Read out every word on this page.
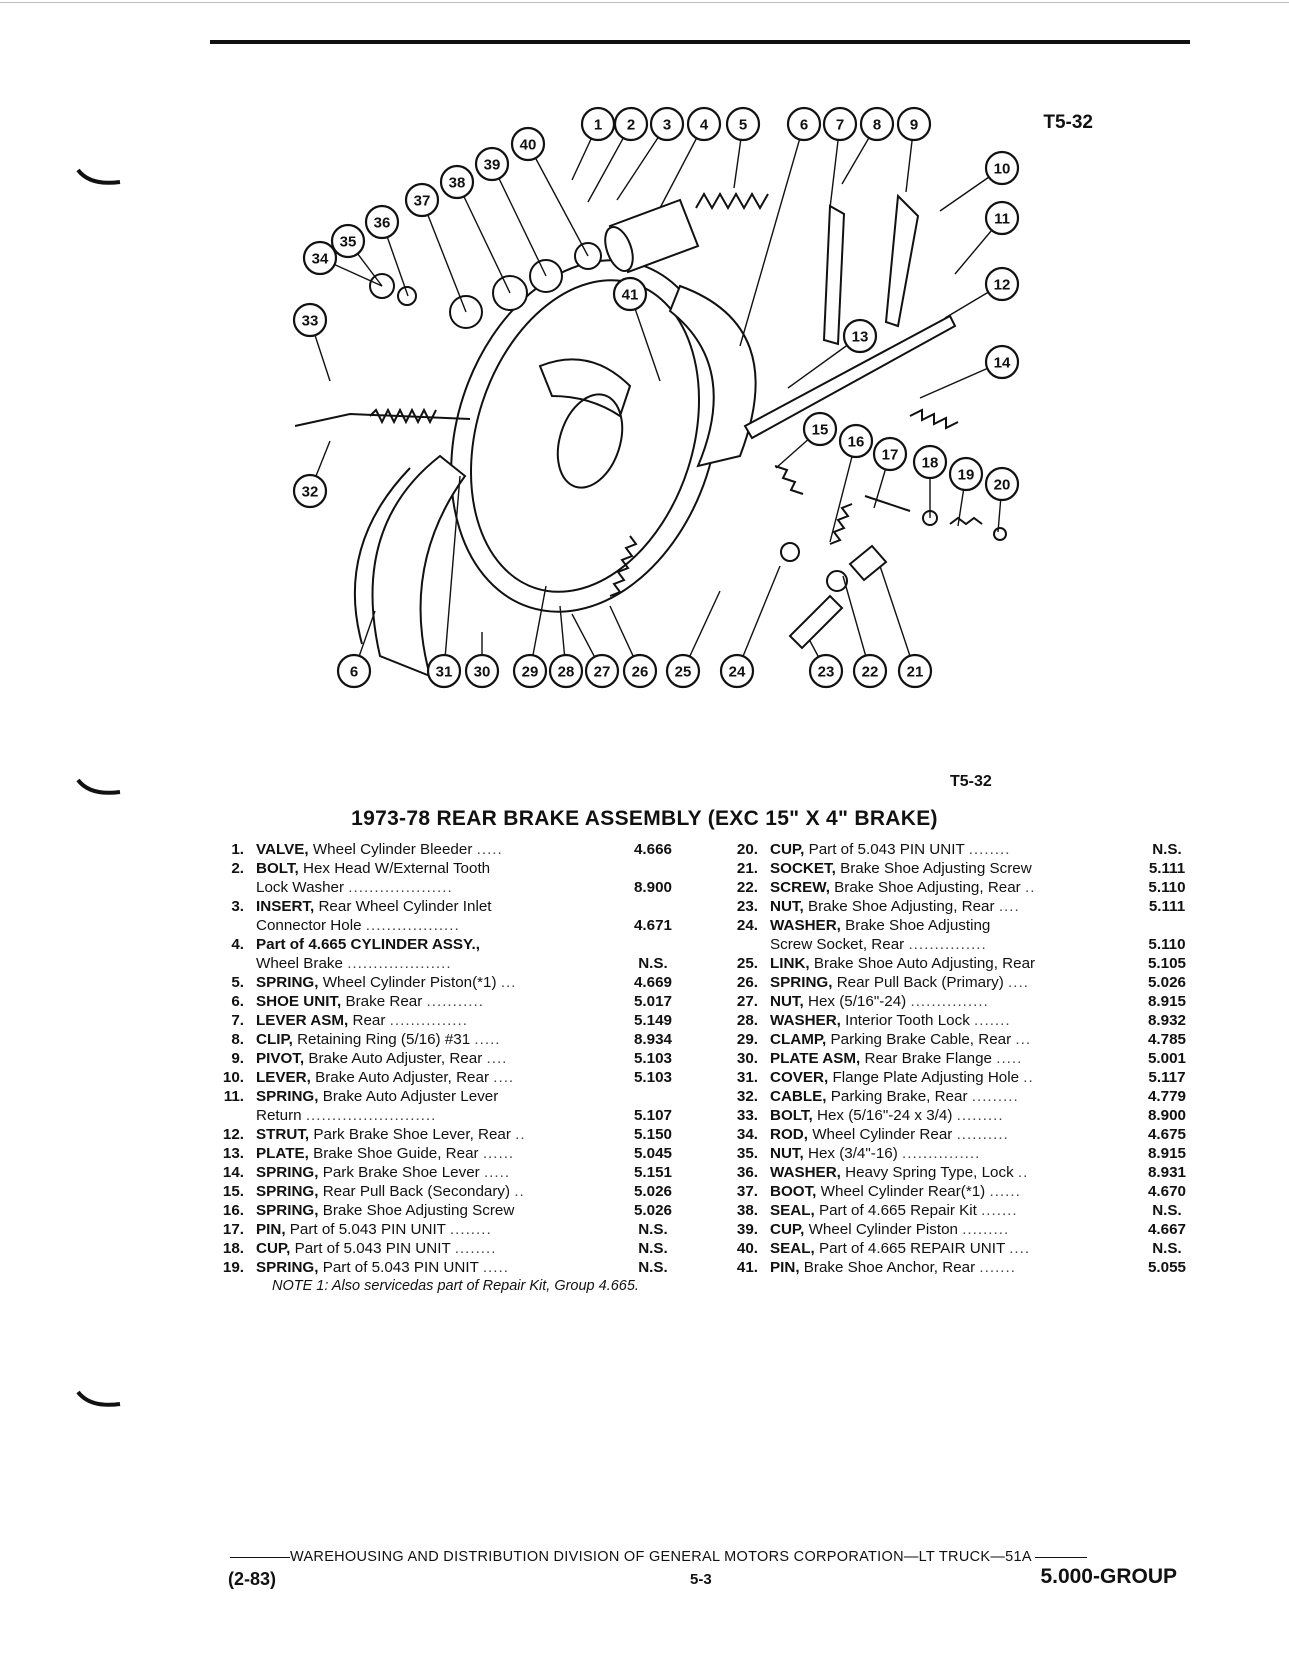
T5-32
1 2 3 4 5	6 7 8 9
10
11
12
13
14
15
16
17 18
19
20
21
22
23
24
25
26
27
28
29
30
31
32
33
34
35
36
37
38
39
40
41
6
T5-32
1973-78 REAR BRAKE ASSEMBLY (EXC 15" X 4" BRAKE)
1. VALVE, Wheel Cylinder Bleeder .....	4.666
2. BOLT, Hex Head W/External Tooth
Lock Washer ....................	8.900
3. INSERT, Rear Wheel Cylinder Inlet
Connector Hole ..................	4.671
4. Part of 4.665 CYLINDER ASSY.,
Wheel Brake ....................	N.S.
5. SPRING, Wheel Cylinder Piston(*1) ...	4.669
6. SHOE UNIT, Brake Rear ...........	5.017
7. LEVER ASM, Rear ...............	5.149
8. CLIP, Retaining Ring (5/16) #31 .....	8.934
9. PIVOT, Brake Auto Adjuster, Rear ....	5.103
10. LEVER, Brake Auto Adjuster, Rear ....	5.103
11. SPRING, Brake Auto Adjuster Lever
Return .........................	5.107
12. STRUT, Park Brake Shoe Lever, Rear ..	5.150
13. PLATE, Brake Shoe Guide, Rear ......	5.045
14. SPRING, Park Brake Shoe Lever .....	5.151
15. SPRING, Rear Pull Back (Secondary) ..	5.026
16. SPRING, Brake Shoe Adjusting Screw	5.026
17. PIN, Part of 5.043 PIN UNIT ........	N.S.
18. CUP, Part of 5.043 PIN UNIT ........	N.S.
19. SPRING, Part of 5.043 PIN UNIT .....	N.S.
20. CUP, Part of 5.043 PIN UNIT ........	N.S.
21. SOCKET, Brake Shoe Adjusting Screw	5.111
22. SCREW, Brake Shoe Adjusting, Rear ..	5.110
23. NUT, Brake Shoe Adjusting, Rear ....	5.111
24. WASHER, Brake Shoe Adjusting
Screw Socket, Rear ...............	5.110
25. LINK, Brake Shoe Auto Adjusting, Rear	5.105
26. SPRING, Rear Pull Back (Primary) ....	5.026
27. NUT, Hex (5/16"-24) ...............	8.915
28. WASHER, Interior Tooth Lock .......	8.932
29. CLAMP, Parking Brake Cable, Rear ...	4.785
30. PLATE ASM, Rear Brake Flange .....	5.001
31. COVER, Flange Plate Adjusting Hole ..	5.117
32. CABLE, Parking Brake, Rear .........	4.779
33. BOLT, Hex (5/16"-24 x 3/4) .........	8.900
34. ROD, Wheel Cylinder Rear ..........	4.675
35. NUT, Hex (3/4"-16) ...............	8.915
36. WASHER, Heavy Spring Type, Lock ..	8.931
37. BOOT, Wheel Cylinder Rear(*1) ......	4.670
38. SEAL, Part of 4.665 Repair Kit .......	N.S.
39. CUP, Wheel Cylinder Piston .........	4.667
40. SEAL, Part of 4.665 REPAIR UNIT ....	N.S.
41. PIN, Brake Shoe Anchor, Rear .......	5.055
NOTE 1: Also servicedas part of Repair Kit, Group 4.665.
WAREHOUSING AND DISTRIBUTION DIVISION OF GENERAL MOTORS CORPORATION—LT TRUCK—51A
(2-83)	5-3	5.000-GROUP
